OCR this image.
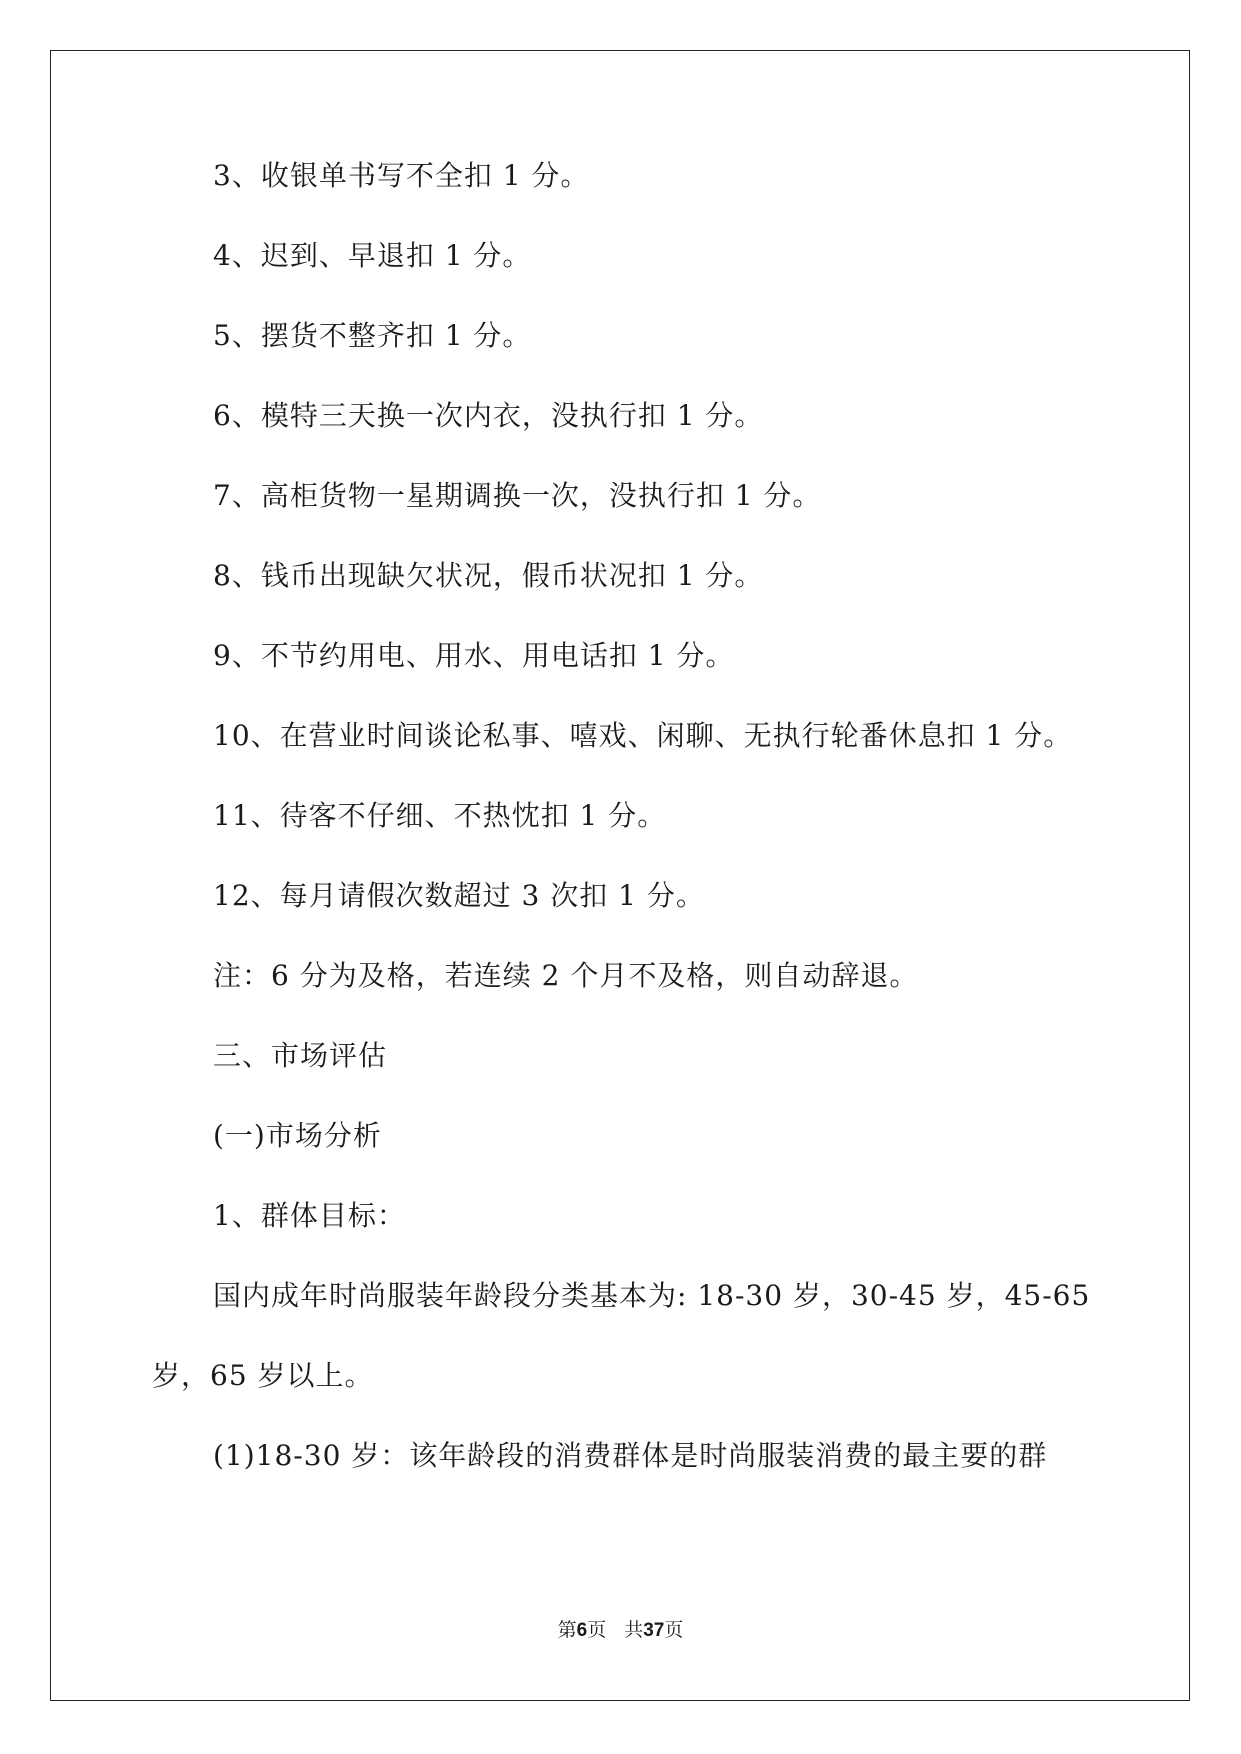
3、收银单书写不全扣 1 分。
4、迟到、早退扣 1 分。
5、摆货不整齐扣 1 分。
6、模特三天换一次内衣，没执行扣 1 分。
7、高柜货物一星期调换一次，没执行扣 1 分。
8、钱币出现缺欠状况，假币状况扣 1 分。
9、不节约用电、用水、用电话扣 1 分。
10、在营业时间谈论私事、嘻戏、闲聊、无执行轮番休息扣 1 分。
11、待客不仔细、不热忱扣 1 分。
12、每月请假次数超过 3 次扣 1 分。
注：6 分为及格，若连续 2 个月不及格，则自动辞退。
三、市场评估
(一)市场分析
1、群体目标：
国内成年时尚服装年龄段分类基本为: 18-30 岁，30-45 岁，45-65
岁，65 岁以上。
(1)18-30 岁：该年龄段的消费群体是时尚服装消费的最主要的群
第6页 共37页
